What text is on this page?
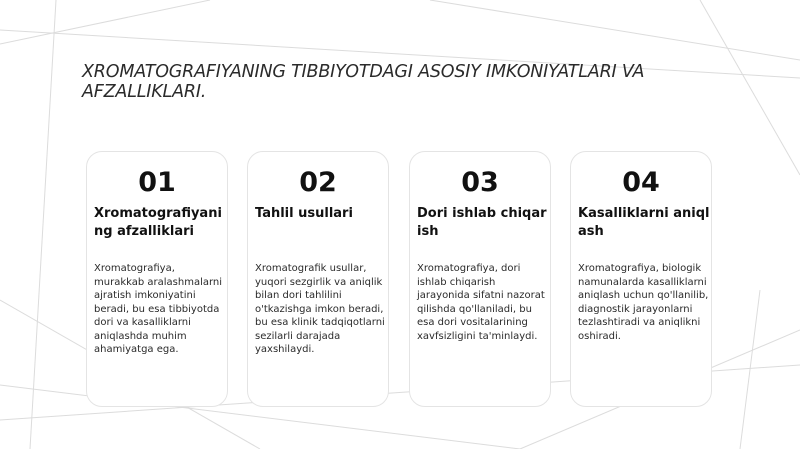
XROMATOGRAFIYANING TIBBIYOTDAGI ASOSIY IMKONIYATLARI VA AFZALLIKLARI.
01
Xromatografiyaning afzalliklari

Xromatografiya, murakkab aralashmalarni ajratish imkoniyatini beradi, bu esa tibbiyotda dori va kasalliklarni aniqlashda muhim ahamiyatga ega.

02
Tahlil usullari

Xromatografik usullar, yuqori sezgirlik va aniqlik bilan dori tahlilini o'tkazishga imkon beradi, bu esa klinik tadqiqotlarni sezilarli darajada yaxshilaydi.

03
Dori ishlab chiqarish

Xromatografiya, dori ishlab chiqarish jarayonida sifatni nazorat qilishda qo'llaniladi, bu esa dori vositalarining xavfsizligini ta'minlaydi.

04
Kasalliklarni aniqlash

Xromatografiya, biologik namunalarda kasalliklarni aniqlash uchun qo'llanilib, diagnostik jarayonlarni tezlashtiradi va aniqlikni oshiradi.
